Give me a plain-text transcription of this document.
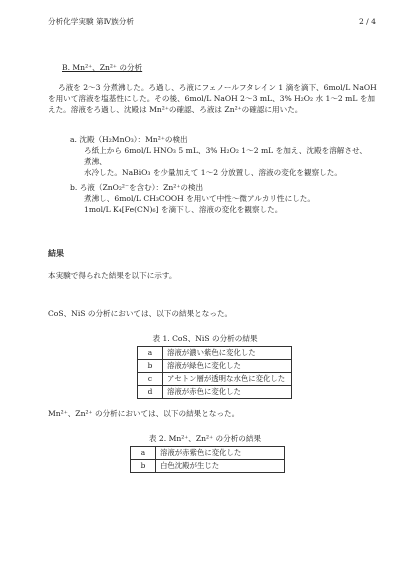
分析化学実験 第Ⅳ族分析	2 / 4
B. Mn²⁺、Zn²⁺ の分析
ろ液を 2～3 分煮沸した。ろ過し、ろ液にフェノールフタレイン 1 滴を滴下、6mol/L NaOH
を用いて溶液を塩基性にした。その後、6mol/L NaOH 2～3 mL、3% H₂O₂ 水 1～2 mL を加
えた。溶液をろ過し、沈殿は Mn²⁺の確認、ろ液は Zn²⁺の確認に用いた。
a. 沈殿（H₂MnO₃）：Mn²⁺の検出
ろ紙上から 6mol/L HNO₃ 5 mL、3% H₂O₂ 1～2 mL を加え、沈殿を溶解させ、煮沸、
水冷した。NaBiO₃ を少量加えて 1～2 分放置し、溶液の変化を観察した。
b. ろ液（ZnO₂²⁻を含む）：Zn²⁺の検出
煮沸し、6mol/L CH₃COOH を用いて中性～微アルカリ性にした。
1mol/L K₄[Fe(CN)₆] を滴下し、溶液の変化を観察した。
結果
本実験で得られた結果を以下に示す。
CoS、NiS の分析においては、以下の結果となった。
表 1. CoS、NiS の分析の結果
a	溶液が濃い紫色に変化した
b	溶液が緑色に変化した
c	アセトン層が透明な水色に変化した
d	溶液が赤色に変化した
Mn²⁺、Zn²⁺ の分析においては、以下の結果となった。
表 2. Mn²⁺、Zn²⁺ の分析の結果
a	溶液が赤紫色に変化した
b	白色沈殿が生じた
